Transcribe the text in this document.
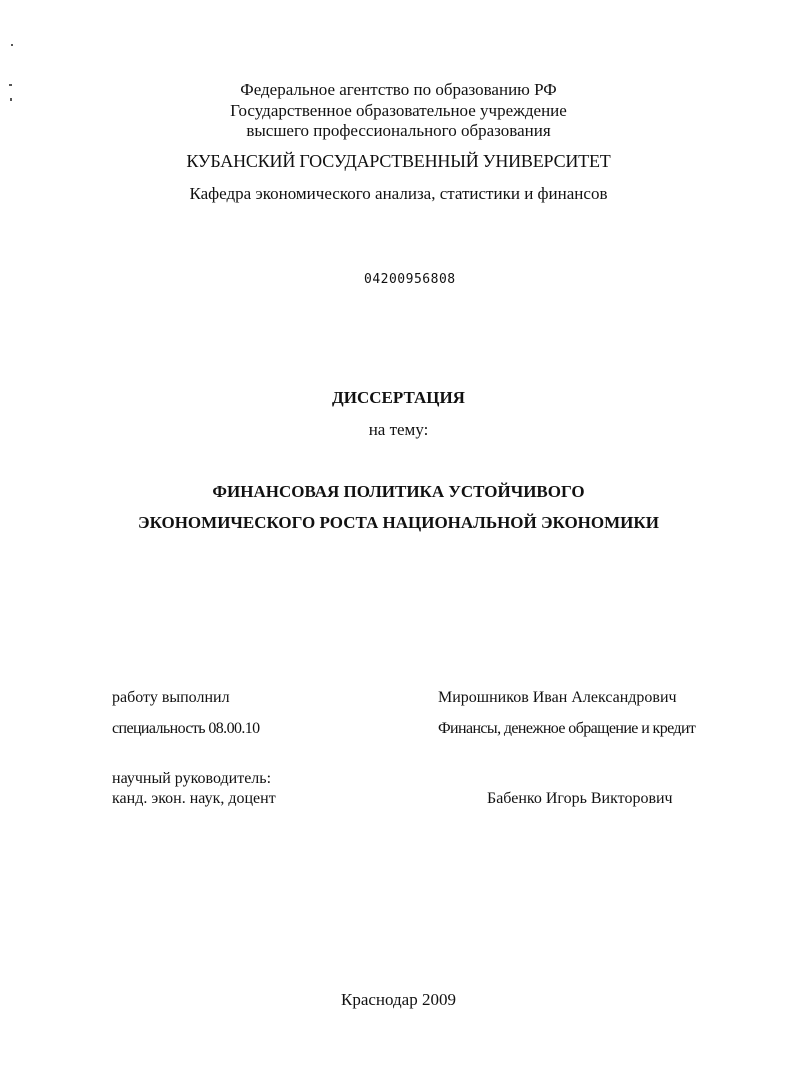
Федеральное агентство по образованию РФ
Государственное образовательное учреждение
высшего профессионального образования
КУБАНСКИЙ ГОСУДАРСТВЕННЫЙ УНИВЕРСИТЕТ
Кафедра экономического анализа, статистики и финансов
04200956808
ДИССЕРТАЦИЯ
на тему:
ФИНАНСОВАЯ ПОЛИТИКА УСТОЙЧИВОГО
ЭКОНОМИЧЕСКОГО РОСТА НАЦИОНАЛЬНОЙ ЭКОНОМИКИ
работу выполнил	Мирошников Иван Александрович
специальность 08.00.10	Финансы, денежное обращение и кредит
научный руководитель:
канд. экон. наук, доцент	Бабенко Игорь Викторович
Краснодар 2009
